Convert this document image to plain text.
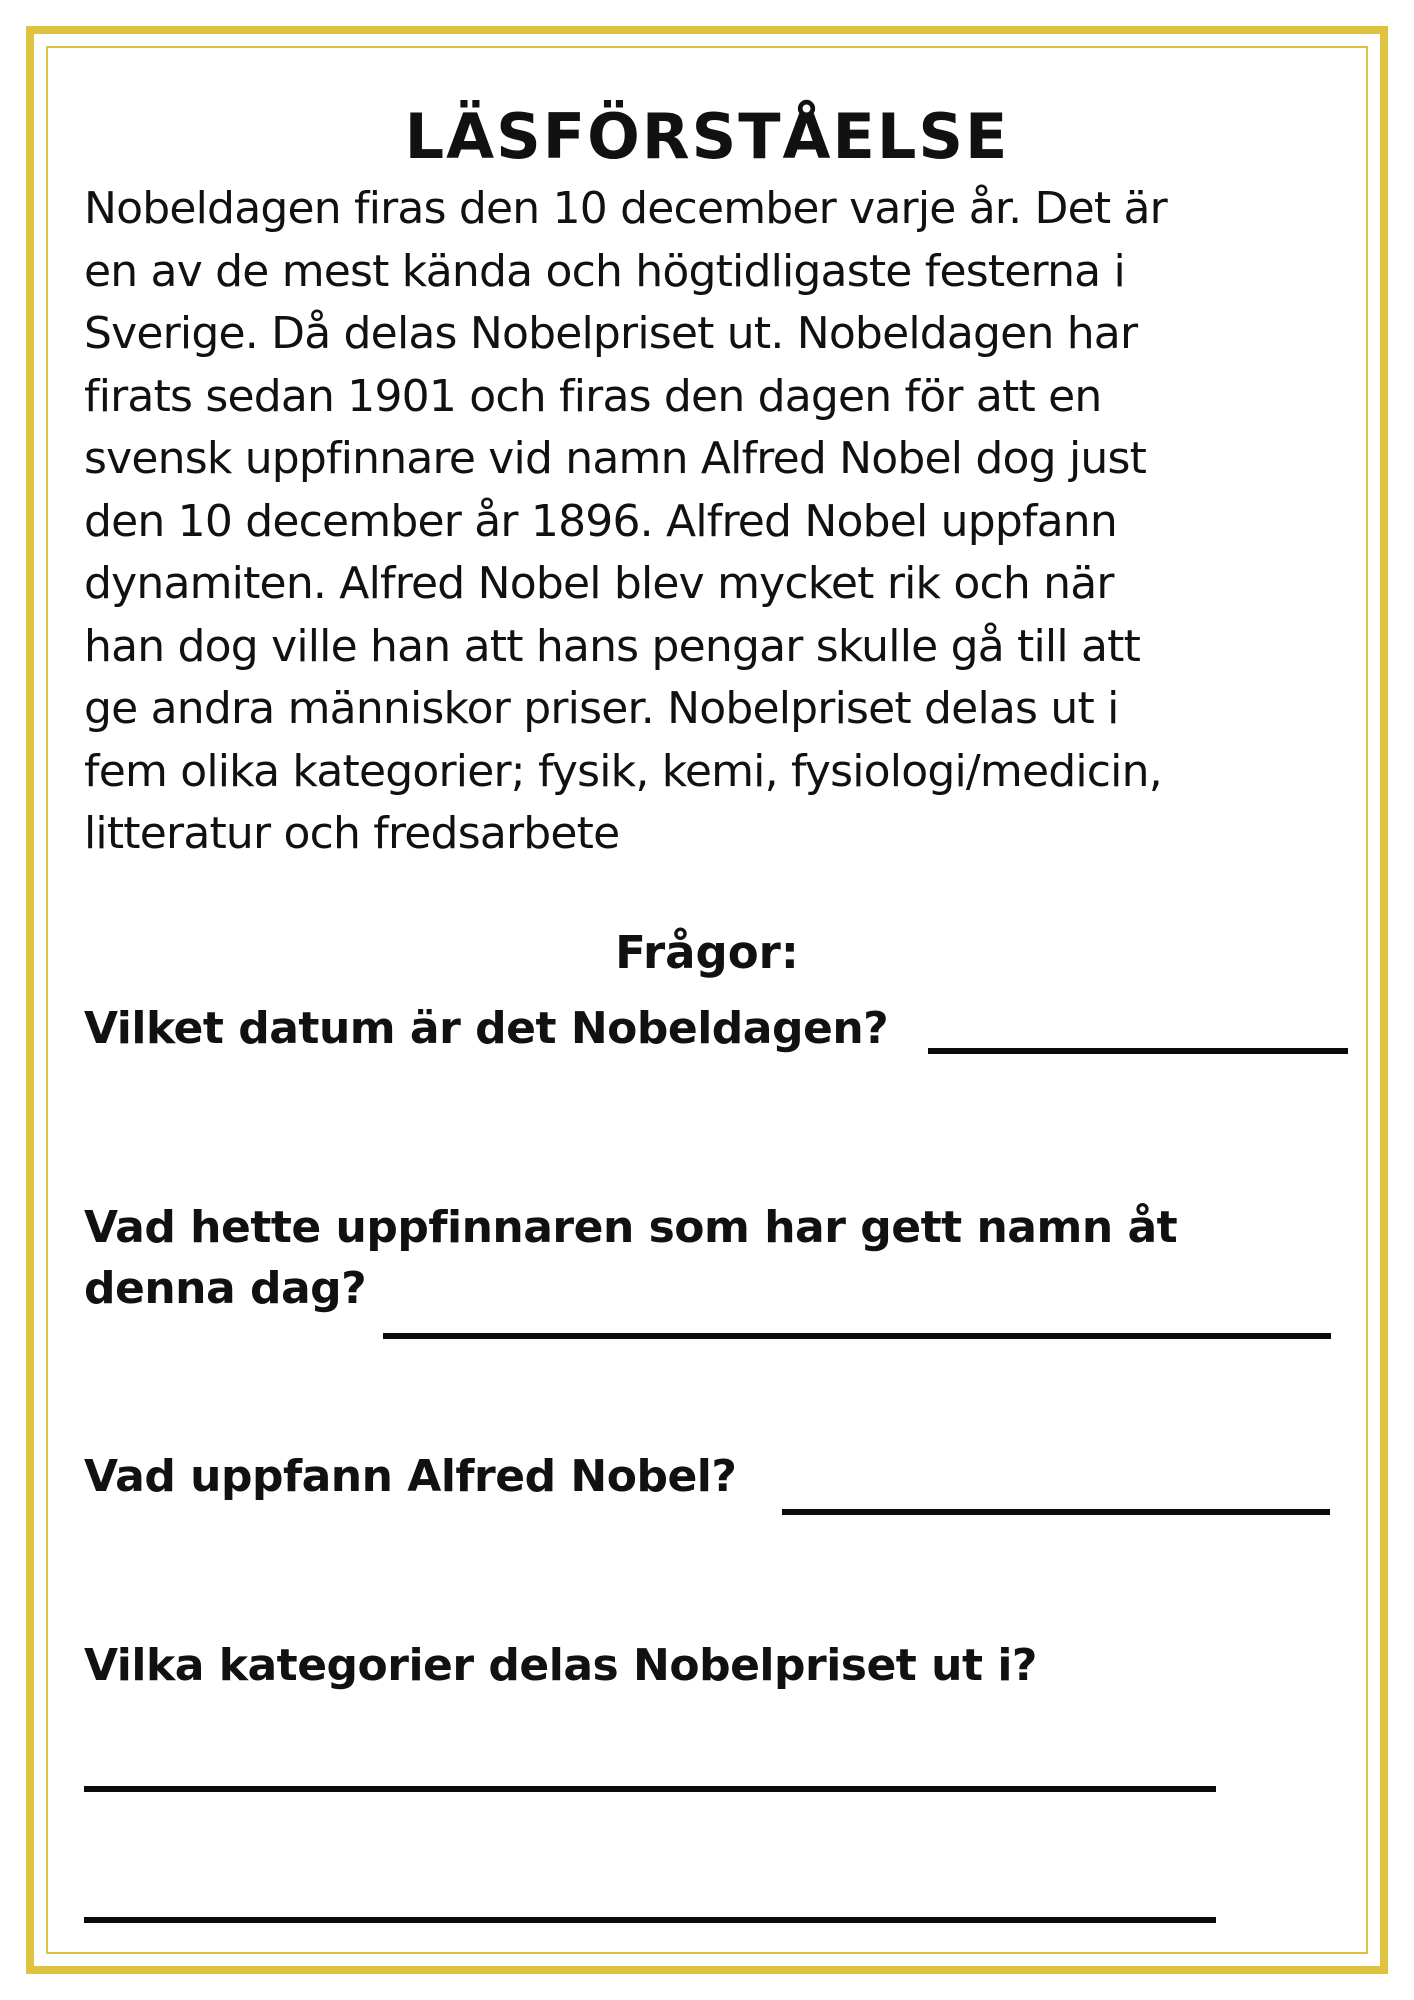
LÄSFÖRSTÅELSE
Nobeldagen firas den 10 december varje år. Det är
en av de mest kända och högtidligaste festerna i
Sverige. Då delas Nobelpriset ut. Nobeldagen har
firats sedan 1901 och firas den dagen för att en
svensk uppfinnare vid namn Alfred Nobel dog just
den 10 december år 1896. Alfred Nobel uppfann
dynamiten. Alfred Nobel blev mycket rik och när
han dog ville han att hans pengar skulle gå till att
ge andra människor priser. Nobelpriset delas ut i
fem olika kategorier; fysik, kemi, fysiologi/medicin,
litteratur och fredsarbete
Frågor:

Vilket datum är det Nobeldagen?

Vad hette uppfinnaren som har gett namn åt

denna dag?

Vad uppfann Alfred Nobel?

Vilka kategorier delas Nobelpriset ut i?
